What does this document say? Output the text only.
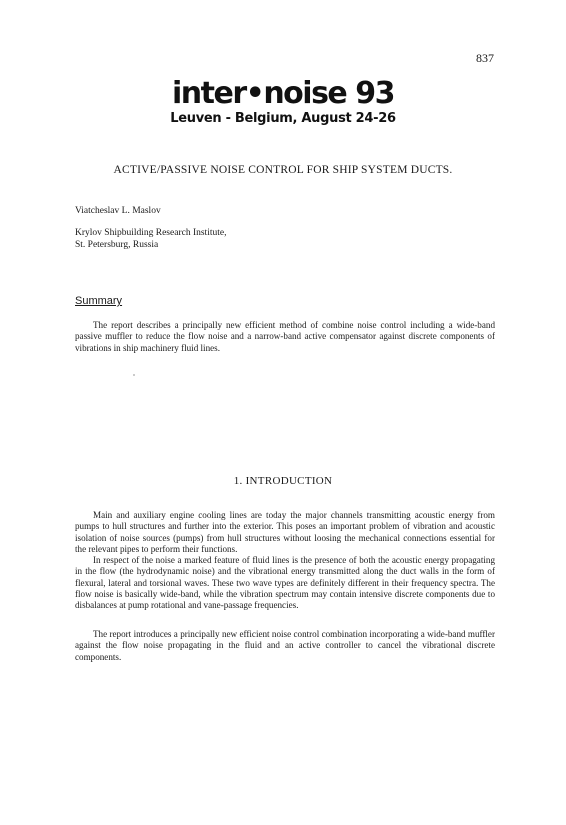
837
inter•noise 93
Leuven - Belgium, August 24-26
ACTIVE/PASSIVE NOISE CONTROL FOR SHIP SYSTEM DUCTS.
Viatcheslav L. Maslov
Krylov Shipbuilding Research Institute,
St. Petersburg, Russia
Summary

The report describes a principally new efficient method of combine noise control including a wide-band passive muffler to reduce the flow noise and a narrow-band active compensator against discrete components of vibrations in ship machinery fluid lines.

1. INTRODUCTION

Main and auxiliary engine cooling lines are today the major channels transmitting acoustic energy from pumps to hull structures and further into the exterior. This poses an important problem of vibration and acoustic isolation of noise sources (pumps) from hull structures without loosing the mechanical connections essential for the relevant pipes to perform their functions.

In respect of the noise a marked feature of fluid lines is the presence of both the acoustic energy propagating in the flow (the hydrodynamic noise) and the vibrational energy transmitted along the duct walls in the form of flexural, lateral and torsional waves. These two wave types are definitely different in their frequency spectra. The flow noise is basically wide-band, while the vibration spectrum may contain intensive discrete components due to disbalances at pump rotational and vane-passage frequencies.

The report introduces a principally new efficient noise control combination incorporating a wide-band muffler against the flow noise propagating in the fluid and an active controller to cancel the vibrational discrete components.
